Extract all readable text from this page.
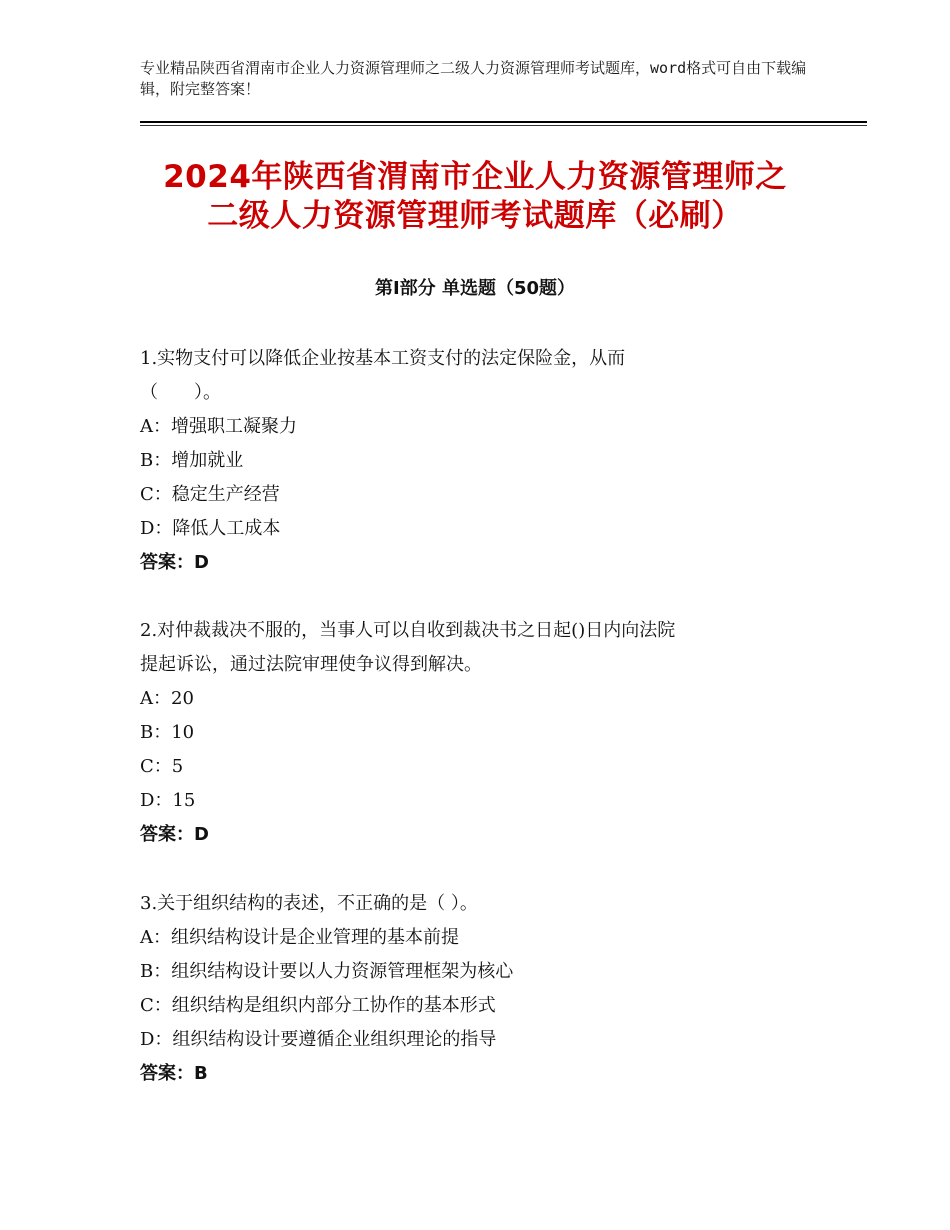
专业精品陕西省渭南市企业人力资源管理师之二级人力资源管理师考试题库，word格式可自由下载编辑，附完整答案！
2024年陕西省渭南市企业人力资源管理师之
二级人力资源管理师考试题库（必刷）
第Ⅰ部分 单选题（50题）
1.实物支付可以降低企业按基本工资支付的法定保险金，从而
（　　）。
A：增强职工凝聚力
B：增加就业
C：稳定生产经营
D：降低人工成本
答案：D
2.对仲裁裁决不服的，当事人可以自收到裁决书之日起()日内向法院
提起诉讼，通过法院审理使争议得到解决。
A：20
B：10
C：5
D：15
答案：D
3.关于组织结构的表述，不正确的是（ ）。
A：组织结构设计是企业管理的基本前提
B：组织结构设计要以人力资源管理框架为核心
C：组织结构是组织内部分工协作的基本形式
D：组织结构设计要遵循企业组织理论的指导
答案：B
